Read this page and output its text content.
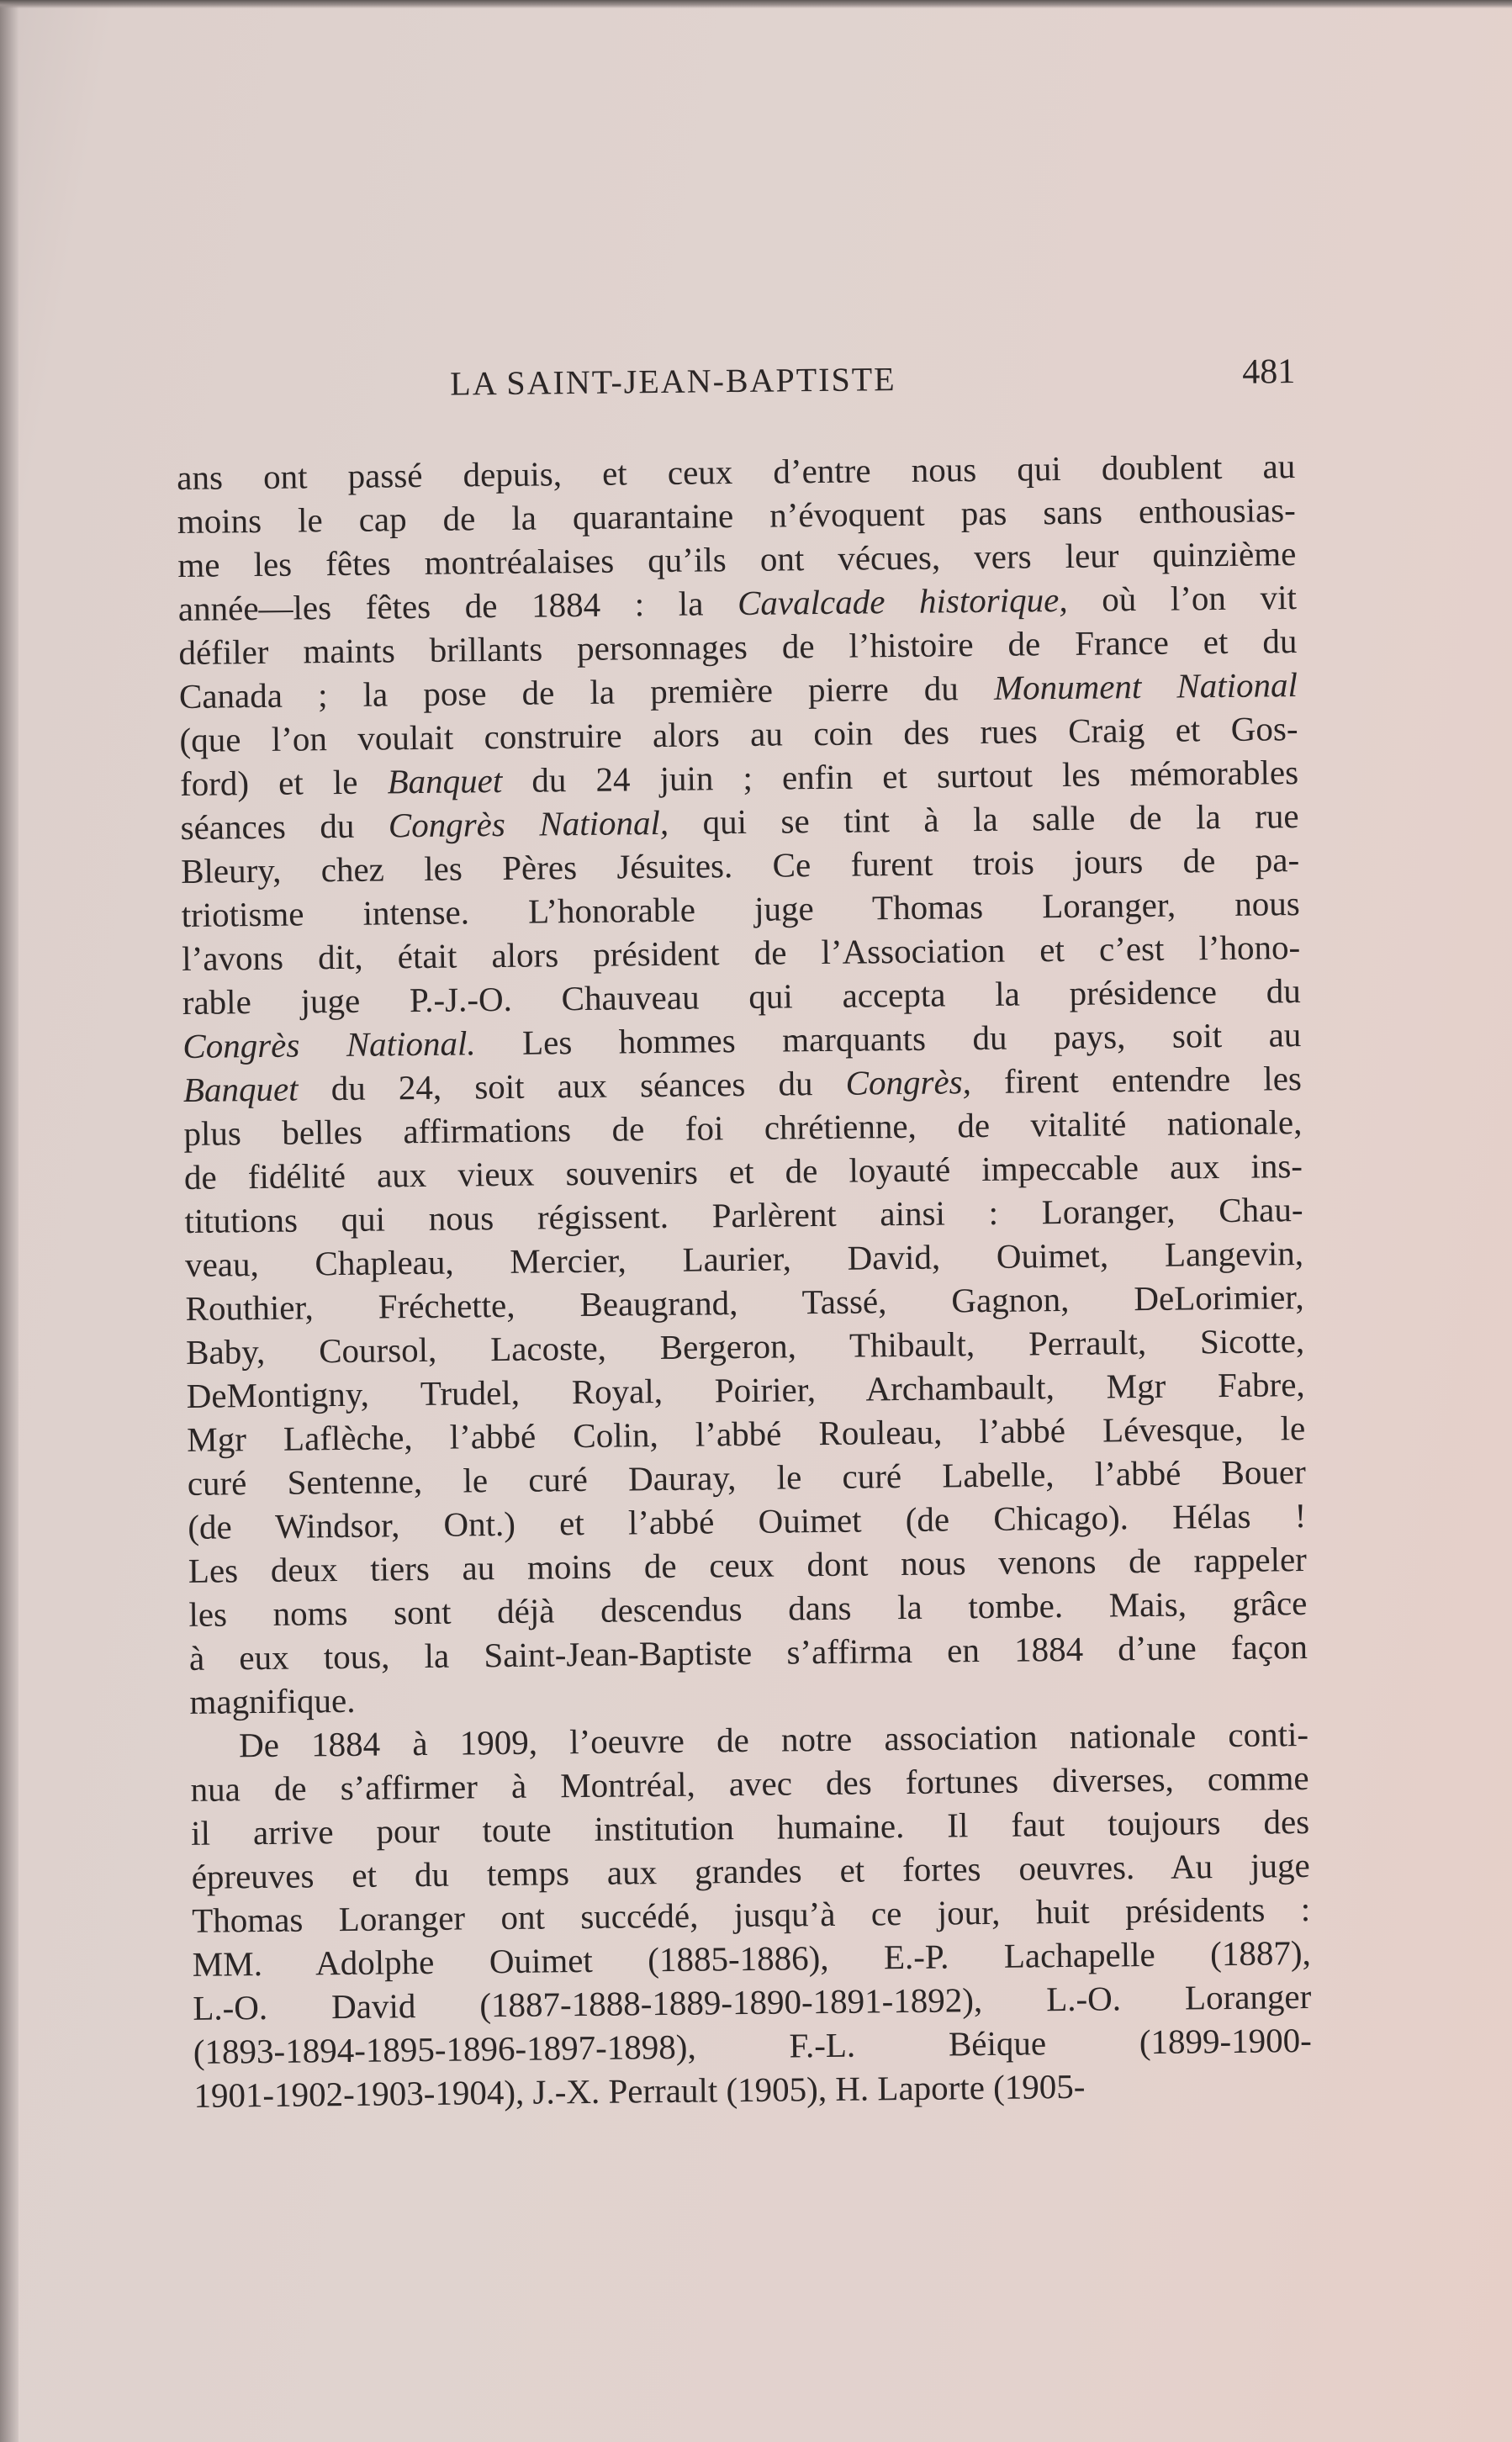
LA SAINT-JEAN-BAPTISTE	481
ans ont passé depuis, et ceux d’entre nous qui doublent au
moins le cap de la quarantaine n’évoquent pas sans enthousias-
me les fêtes montréalaises qu’ils ont vécues, vers leur quinzième
année—les fêtes de 1884 : la Cavalcade historique, où l’on vit
défiler maints brillants personnages de l’histoire de France et du
Canada ; la pose de la première pierre du Monument National
(que l’on voulait construire alors au coin des rues Craig et Gos-
ford) et le Banquet du 24 juin ; enfin et surtout les mémorables
séances du Congrès National, qui se tint à la salle de la rue
Bleury, chez les Pères Jésuites. Ce furent trois jours de pa-
triotisme intense. L’honorable juge Thomas Loranger, nous
l’avons dit, était alors président de l’Association et c’est l’hono-
rable juge P.-J.-O. Chauveau qui accepta la présidence du
Congrès National. Les hommes marquants du pays, soit au
Banquet du 24, soit aux séances du Congrès, firent entendre les
plus belles affirmations de foi chrétienne, de vitalité nationale,
de fidélité aux vieux souvenirs et de loyauté impeccable aux ins-
titutions qui nous régissent. Parlèrent ainsi : Loranger, Chau-
veau, Chapleau, Mercier, Laurier, David, Ouimet, Langevin,
Routhier, Fréchette, Beaugrand, Tassé, Gagnon, DeLorimier,
Baby, Coursol, Lacoste, Bergeron, Thibault, Perrault, Sicotte,
DeMontigny, Trudel, Royal, Poirier, Archambault, Mgr Fabre,
Mgr Laflèche, l’abbé Colin, l’abbé Rouleau, l’abbé Lévesque, le
curé Sentenne, le curé Dauray, le curé Labelle, l’abbé Bouer
(de Windsor, Ont.) et l’abbé Ouimet (de Chicago). Hélas !
Les deux tiers au moins de ceux dont nous venons de rappeler
les noms sont déjà descendus dans la tombe. Mais, grâce
à eux tous, la Saint-Jean-Baptiste s’affirma en 1884 d’une façon
magnifique.
De 1884 à 1909, l’oeuvre de notre association nationale conti-
nua de s’affirmer à Montréal, avec des fortunes diverses, comme
il arrive pour toute institution humaine. Il faut toujours des
épreuves et du temps aux grandes et fortes oeuvres. Au juge
Thomas Loranger ont succédé, jusqu’à ce jour, huit présidents :
MM. Adolphe Ouimet (1885-1886), E.-P. Lachapelle (1887),
L.-O. David (1887-1888-1889-1890-1891-1892), L.-O. Loranger
(1893-1894-1895-1896-1897-1898), F.-L. Béique (1899-1900-
1901-1902-1903-1904), J.-X. Perrault (1905), H. Laporte (1905-
